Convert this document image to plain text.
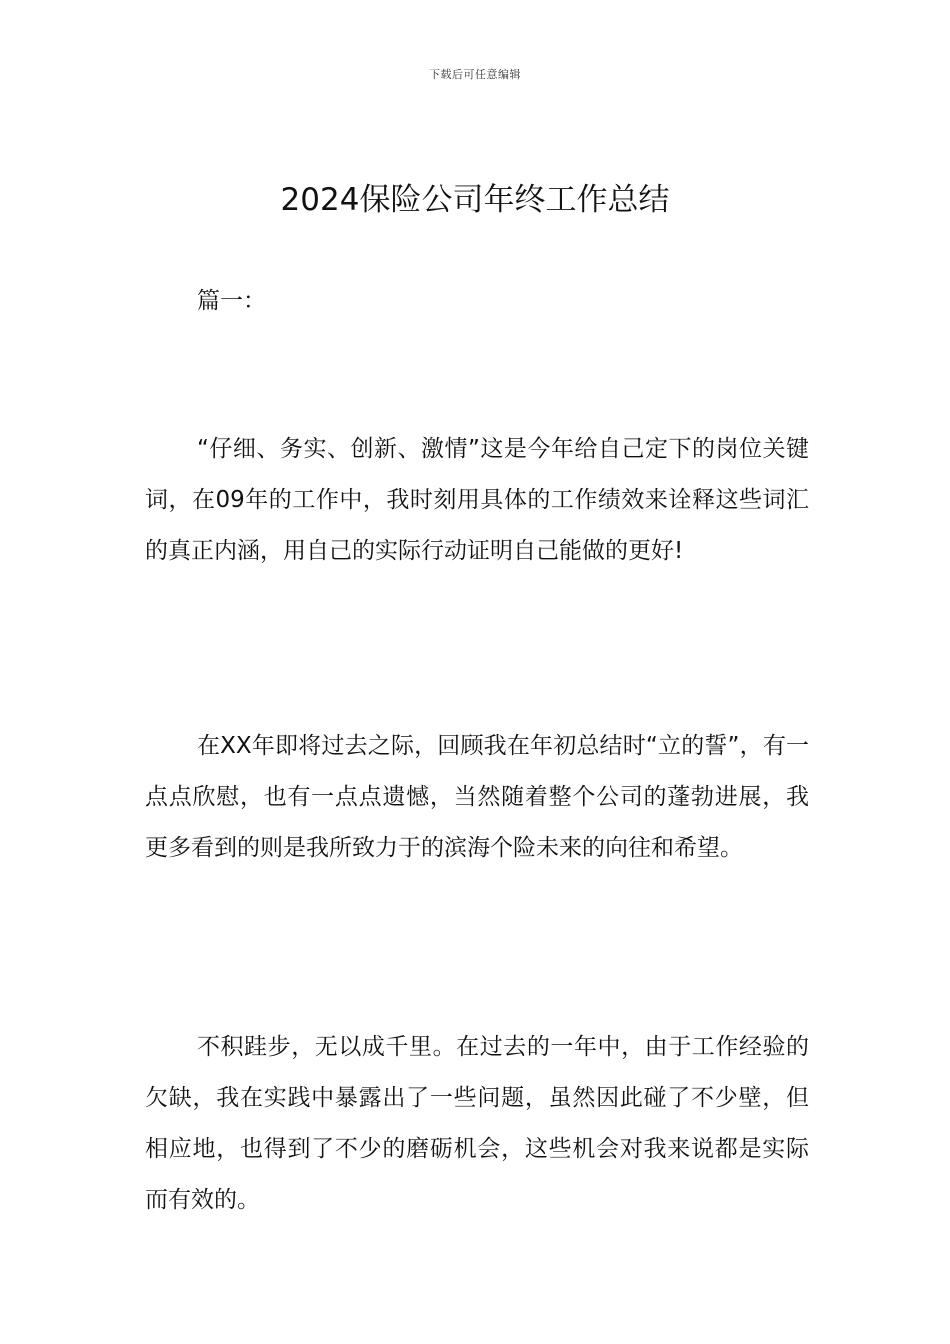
下载后可任意编辑
2024保险公司年终工作总结
篇一：

“仔细、务实、创新、激情”这是今年给自己定下的岗位关键词，在09年的工作中，我时刻用具体的工作绩效来诠释这些词汇的真正内涵，用自己的实际行动证明自己能做的更好!

在XX年即将过去之际，回顾我在年初总结时“立的誓”，有一点点欣慰，也有一点点遗憾，当然随着整个公司的蓬勃进展，我更多看到的则是我所致力于的滨海个险未来的向往和希望。

不积跬步，无以成千里。在过去的一年中，由于工作经验的欠缺，我在实践中暴露出了一些问题，虽然因此碰了不少壁，但相应地，也得到了不少的磨砺机会，这些机会对我来说都是实际而有效的。
